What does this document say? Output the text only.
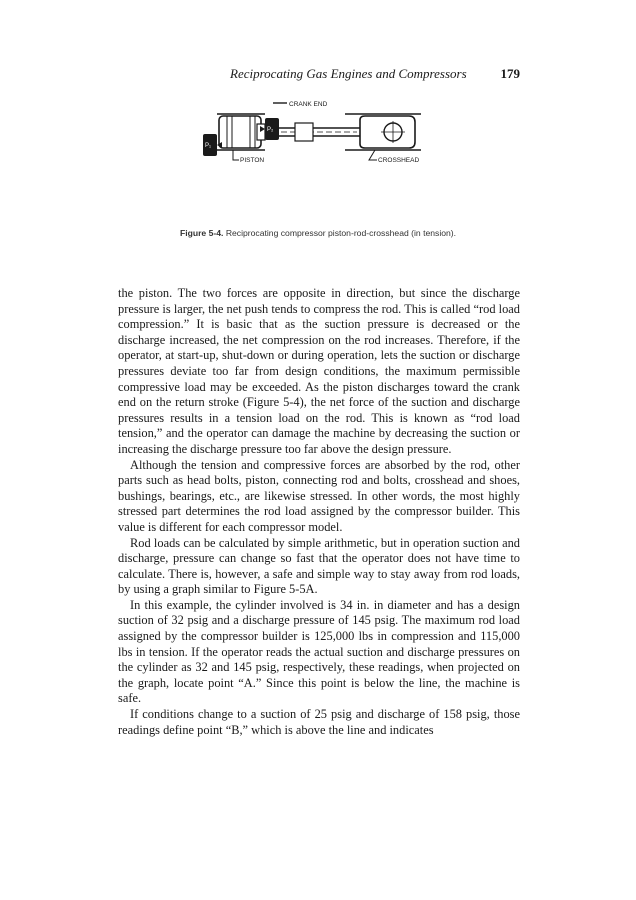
Reciprocating Gas Engines and Compressors	179
CRANK END
P₁
P₂
PISTON	CROSSHEAD
Figure 5-4. Reciprocating compressor piston-rod-crosshead (in tension).

the piston. The two forces are opposite in direction, but since the discharge pressure is larger, the net push tends to compress the rod. This is called “rod load compression.” It is basic that as the suction pressure is decreased or the discharge increased, the net compression on the rod increases. Therefore, if the operator, at start-up, shut-down or during operation, lets the suction or discharge pressures deviate too far from design conditions, the maximum permissible compressive load may be exceeded. As the piston discharges toward the crank end on the return stroke (Figure 5-4), the net force of the suction and discharge pressures results in a tension load on the rod. This is known as “rod load tension,” and the operator can damage the machine by decreasing the suction or increasing the discharge pressure too far above the design pressure.

Although the tension and compressive forces are absorbed by the rod, other parts such as head bolts, piston, connecting rod and bolts, crosshead and shoes, bushings, bearings, etc., are likewise stressed. In other words, the most highly stressed part determines the rod load assigned by the compressor builder. This value is different for each compressor model.

Rod loads can be calculated by simple arithmetic, but in operation suction and discharge, pressure can change so fast that the operator does not have time to calculate. There is, however, a safe and simple way to stay away from rod loads, by using a graph similar to Figure 5-5A.

In this example, the cylinder involved is 34 in. in diameter and has a design suction of 32 psig and a discharge pressure of 145 psig. The maximum rod load assigned by the compressor builder is 125,000 lbs in compression and 115,000 lbs in tension. If the operator reads the actual suction and discharge pressures on the cylinder as 32 and 145 psig, respectively, these readings, when projected on the graph, locate point “A.” Since this point is below the line, the machine is safe.

If conditions change to a suction of 25 psig and discharge of 158 psig, those readings define point “B,” which is above the line and indicates
